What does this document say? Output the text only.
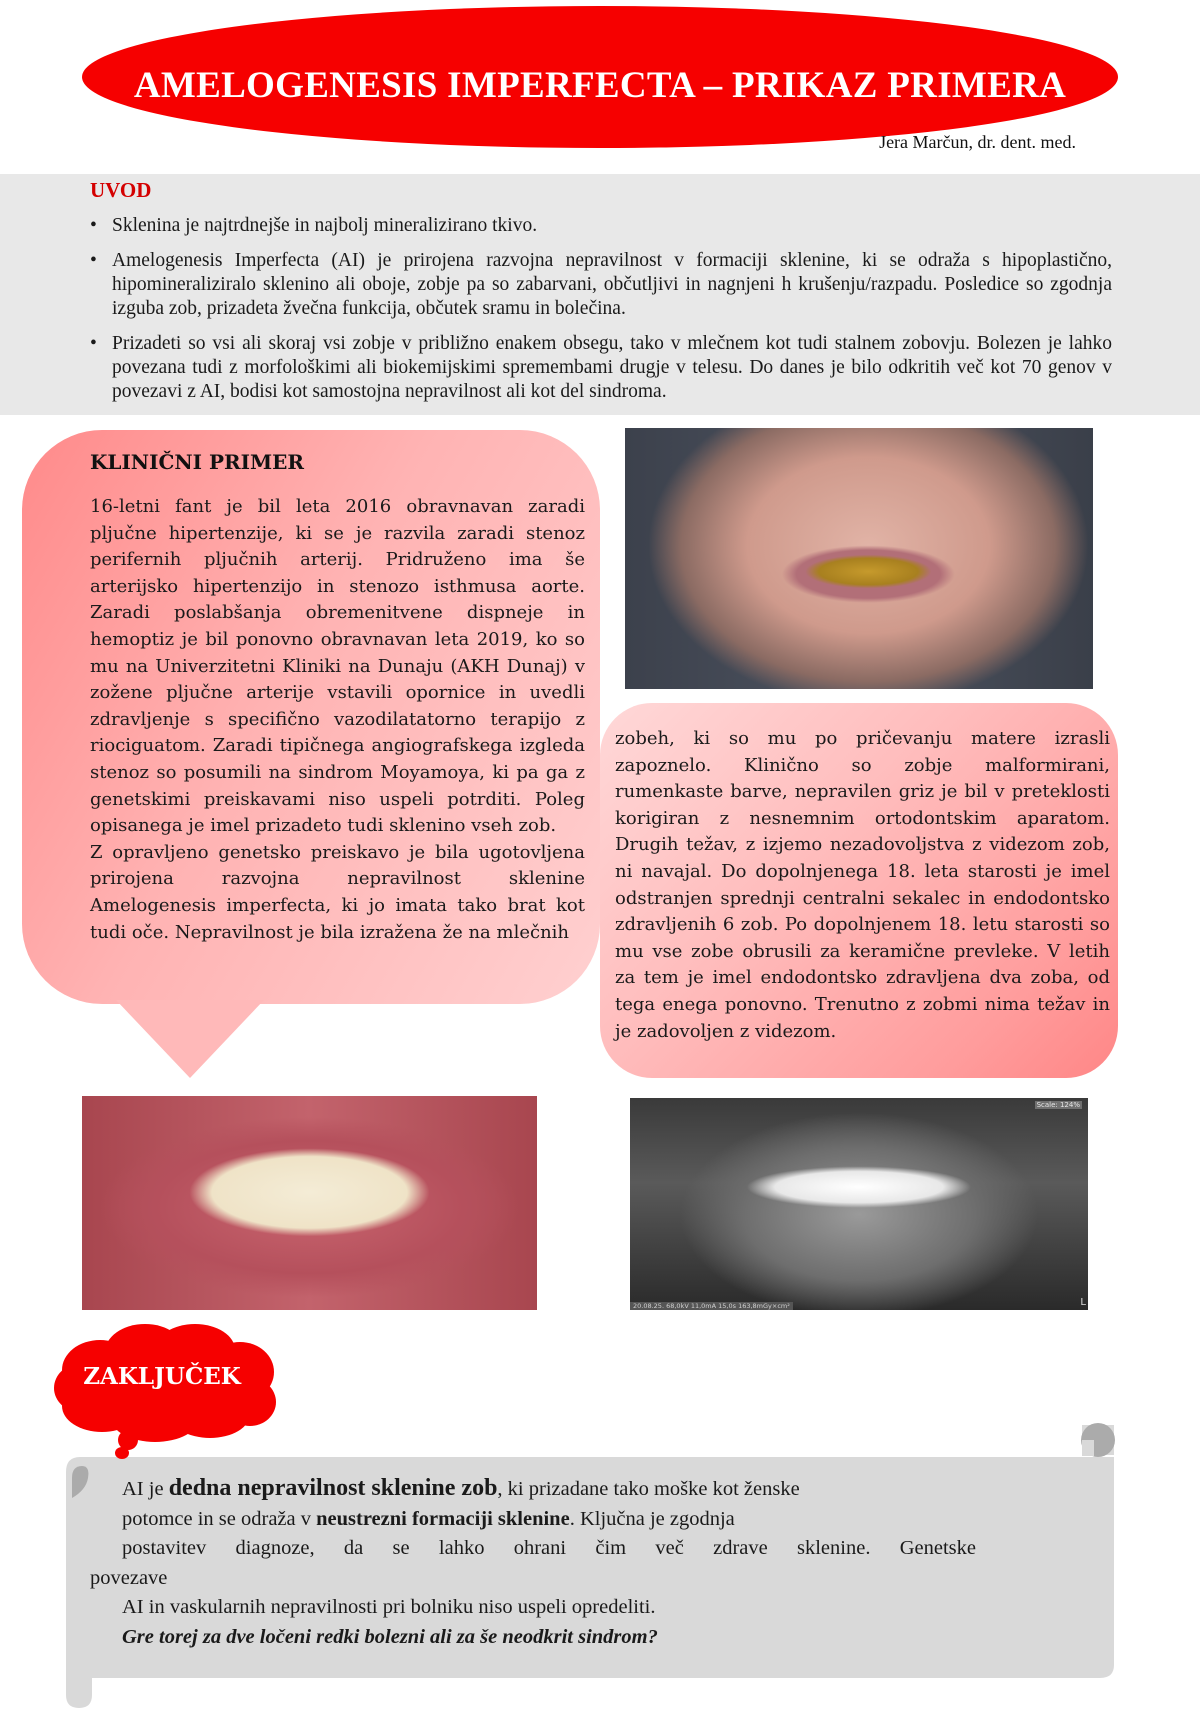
AMELOGENESIS IMPERFECTA – PRIKAZ PRIMERA
Jera Marčun, dr. dent. med.
UVOD
• Sklenina je najtrdnejše in najbolj mineralizirano tkivo.
• Amelogenesis Imperfecta (AI) je prirojena razvojna nepravilnost v formaciji sklenine, ki se odraža s hipoplastično, hipomineraliziralo sklenino ali oboje, zobje pa so zabarvani, občutljivi in nagnjeni h krušenju/razpadu. Posledice so zgodnja izguba zob, prizadeta žvečna funkcija, občutek sramu in bolečina.
• Prizadeti so vsi ali skoraj vsi zobje v približno enakem obsegu, tako v mlečnem kot tudi stalnem zobovju. Bolezen je lahko povezana tudi z morfološkimi ali biokemijskimi spremembami drugje v telesu. Do danes je bilo odkritih več kot 70 genov v povezavi z AI, bodisi kot samostojna nepravilnost ali kot del sindroma.
KLINIČNI PRIMER

16-letni fant je bil leta 2016 obravnavan zaradi pljučne hipertenzije, ki se je razvila zaradi stenoz perifernih pljučnih arterij. Pridruženo ima še arterijsko hipertenzijo in stenozo isthmusa aorte. Zaradi poslabšanja obremenitvene dispneje in hemoptiz je bil ponovno obravnavan leta 2019, ko so mu na Univerzitetni Kliniki na Dunaju (AKH Dunaj) v zožene pljučne arterije vstavili opornice in uvedli zdravljenje s specifično vazodilatatorno terapijo z riociguatom. Zaradi tipičnega angiografskega izgleda stenoz so posumili na sindrom Moyamoya, ki pa ga z genetskimi preiskavami niso uspeli potrditi. Poleg opisanega je imel prizadeto tudi sklenino vseh zob.

Z opravljeno genetsko preiskavo je bila ugotovljena prirojena razvojna nepravilnost sklenine Amelogenesis imperfecta, ki jo imata tako brat kot tudi oče. Nepravilnost je bila izražena že na mlečnih

zobeh, ki so mu po pričevanju matere izrasli zapoznelo. Klinično so zobje malformirani, rumenkaste barve, nepravilen griz je bil v preteklosti korigiran z nesnemnim ortodontskim aparatom. Drugih težav, z izjemo nezadovoljstva z videzom zob, ni navajal. Do dopolnjenega 18. leta starosti je imel odstranjen sprednji centralni sekalec in endodontsko zdravljenih 6 zob. Po dopolnjenem 18. letu starosti so mu vse zobe obrusili za keramične prevleke. V letih za tem je imel endodontsko zdravljena dva zoba, od tega enega ponovno. Trenutno z zobmi nima težav in je zadovoljen z videzom.

Scale: 124%
20.08.25. 68,0kV 11,0mA 15,0s 163,8mGy×cm²	L
ZAKLJUČEK
AI je dedna nepravilnost sklenine zob, ki prizadane tako moške kot ženske
potomce in se odraža v neustrezni formaciji sklenine. Ključna je zgodnja
postavitev diagnoze, da se lahko ohrani čim več zdrave sklenine. Genetske
povezave
AI in vaskularnih nepravilnosti pri bolniku niso uspeli opredeliti.
Gre torej za dve ločeni redki bolezni ali za še neodkrit sindrom?
